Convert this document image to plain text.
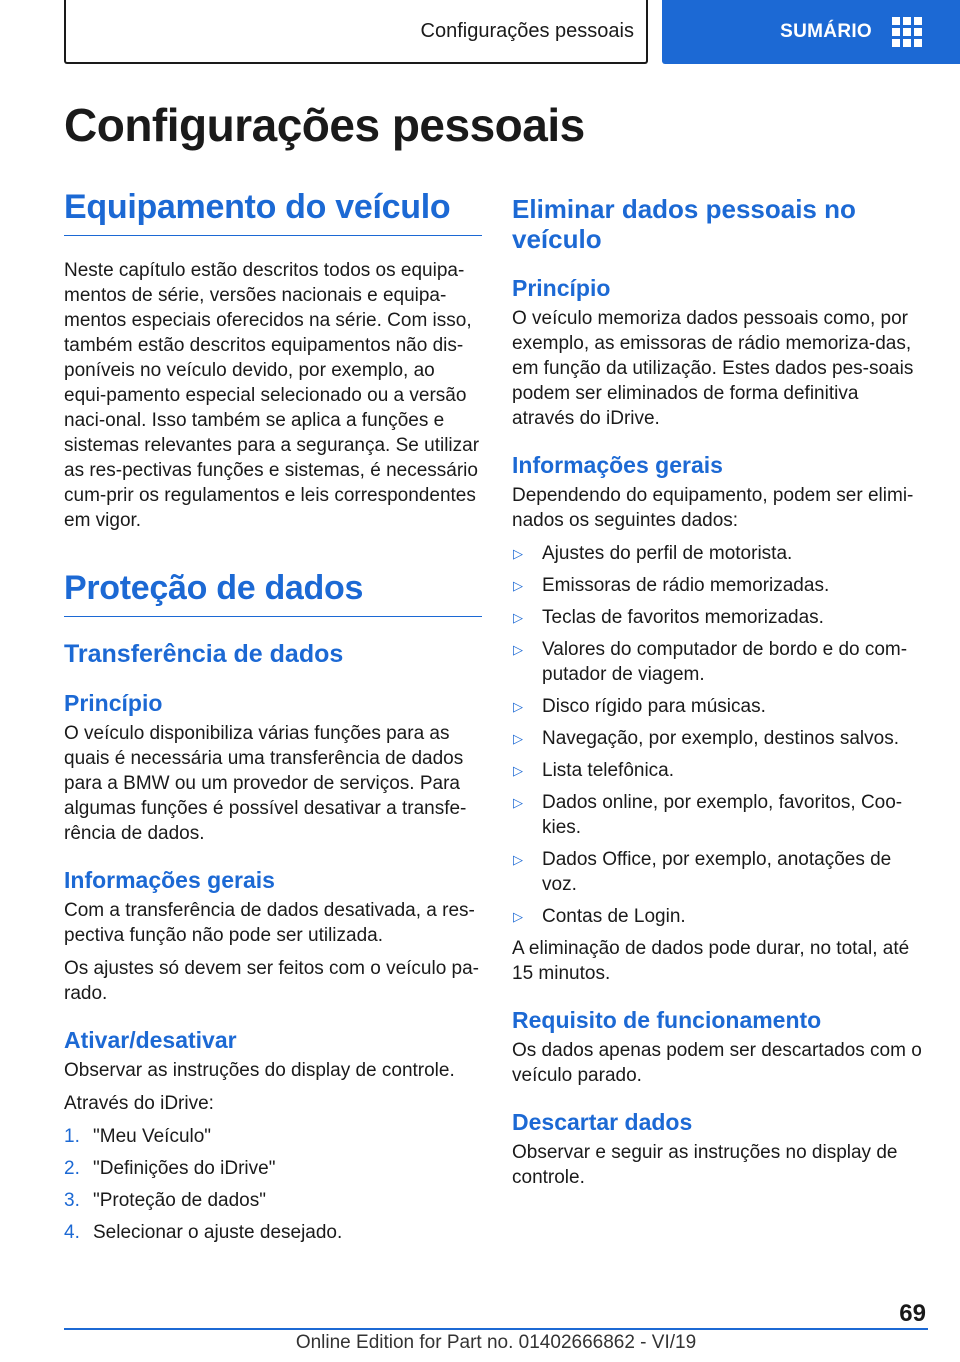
Configurações pessoais	SUMÁRIO
Configurações pessoais
Equipamento do veículo

Neste capítulo estão descritos todos os equipa-mentos de série, versões nacionais e equipa-mentos especiais oferecidos na série. Com isso, também estão descritos equipamentos não dis-poníveis no veículo devido, por exemplo, ao equi-pamento especial selecionado ou a versão naci-onal. Isso também se aplica a funções e sistemas relevantes para a segurança. Se utilizar as res-pectivas funções e sistemas, é necessário cum-prir os regulamentos e leis correspondentes em vigor.

Proteção de dados
Transferência de dados
Princípio

O veículo disponibiliza várias funções para as quais é necessária uma transferência de dados para a BMW ou um provedor de serviços. Para algumas funções é possível desativar a transfe-rência de dados.

Informações gerais

Com a transferência de dados desativada, a res-pectiva função não pode ser utilizada.

Os ajustes só devem ser feitos com o veículo pa-rado.

Ativar/desativar

Observar as instruções do display de controle.

Através do iDrive:

1. "Meu Veículo"
2. "Definições do iDrive"
3. "Proteção de dados"
4. Selecionar o ajuste desejado.
Eliminar dados pessoais no veículo
Princípio

O veículo memoriza dados pessoais como, por exemplo, as emissoras de rádio memoriza-das, em função da utilização. Estes dados pes-soais podem ser eliminados de forma definitiva através do iDrive.

Informações gerais

Dependendo do equipamento, podem ser elimi-nados os seguintes dados:

▷	Ajustes do perfil de motorista.
▷	Emissoras de rádio memorizadas.
▷	Teclas de favoritos memorizadas.
▷	Valores do computador de bordo e do com-putador de viagem.
▷	Disco rígido para músicas.
▷	Navegação, por exemplo, destinos salvos.
▷	Lista telefônica.
▷	Dados online, por exemplo, favoritos, Coo-kies.
▷	Dados Office, por exemplo, anotações de voz.
▷	Contas de Login.

A eliminação de dados pode durar, no total, até 15 minutos.

Requisito de funcionamento

Os dados apenas podem ser descartados com o veículo parado.

Descartar dados

Observar e seguir as instruções no display de controle.

69
Online Edition for Part no. 01402666862 - VI/19
